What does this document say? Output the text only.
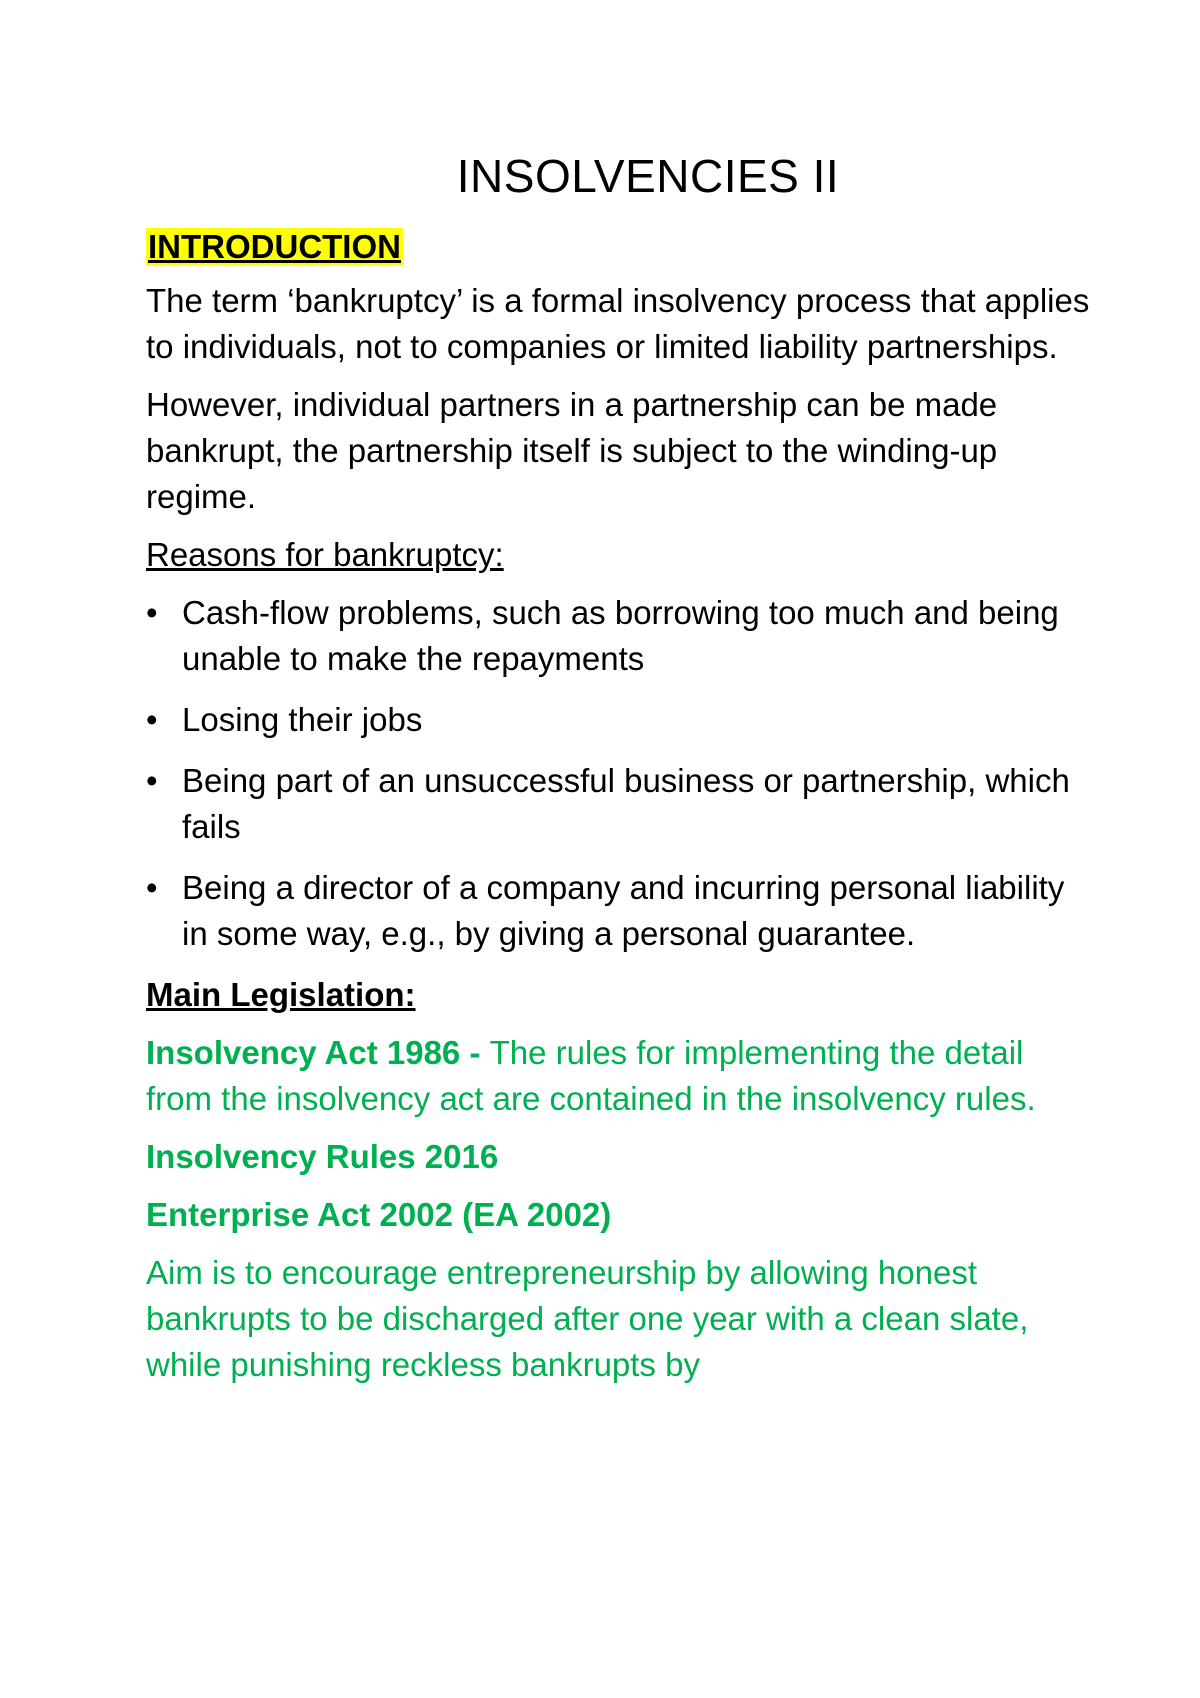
INSOLVENCIES II
INTRODUCTION

The term ‘bankruptcy’ is a formal insolvency process that applies to individuals, not to companies or limited liability partnerships.

However, individual partners in a partnership can be made bankrupt, the partnership itself is subject to the winding-up regime.

Reasons for bankruptcy:

• Cash-flow problems, such as borrowing too much and being unable to make the repayments
• Losing their jobs
• Being part of an unsuccessful business or partnership, which fails
• Being a director of a company and incurring personal liability in some way, e.g., by giving a personal guarantee.

Main Legislation:

Insolvency Act 1986 - The rules for implementing the detail from the insolvency act are contained in the insolvency rules.

Insolvency Rules 2016

Enterprise Act 2002 (EA 2002)

Aim is to encourage entrepreneurship by allowing honest bankrupts to be discharged after one year with a clean slate, while punishing reckless bankrupts by
